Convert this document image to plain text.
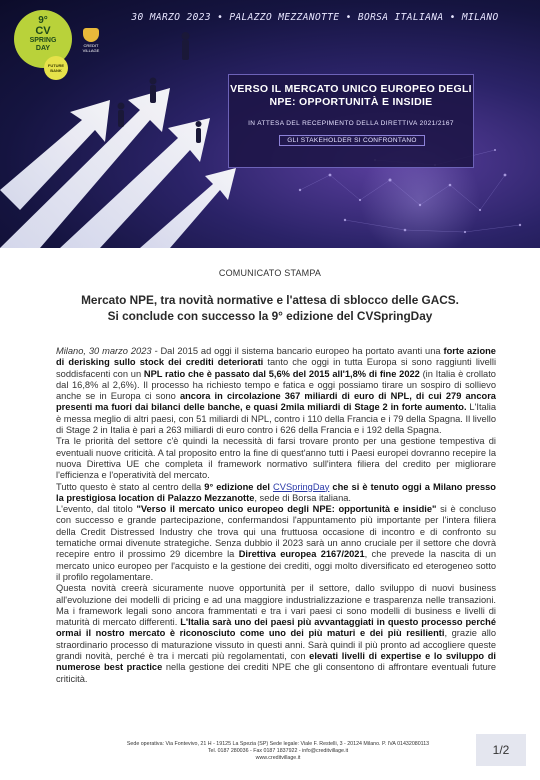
30 MARZO 2023 • PALAZZO MEZZANOTTE • BORSA ITALIANA • MILANO
9°
CV
SPRING
DAY	CREDIT VILLAGE
FUTURE BANK
VERSO IL MERCATO UNICO EUROPEO DEGLI NPE: OPPORTUNITÀ E INSIDIE
IN ATTESA DEL RECEPIMENTO DELLA DIRETTIVA 2021/2167
GLI STAKEHOLDER SI CONFRONTANO
COMUNICATO STAMPA
Mercato NPE, tra novità normative e l'attesa di sblocco delle GACS.
Si conclude con successo la 9° edizione del CVSpringDay

Milano, 30 marzo 2023 - Dal 2015 ad oggi il sistema bancario europeo ha portato avanti una forte azione di derisking sullo stock dei crediti deteriorati tanto che oggi in tutta Europa si sono raggiunti livelli soddisfacenti con un NPL ratio che è passato dal 5,6% del 2015 all'1,8% di fine 2022 (in Italia è crollato dal 16,8% al 2,6%). Il processo ha richiesto tempo e fatica e oggi possiamo tirare un sospiro di sollievo anche se in Europa ci sono ancora in circolazione 367 miliardi di euro di NPL, di cui 279 ancora presenti ma fuori dai bilanci delle banche, e quasi 2mila miliardi di Stage 2 in forte aumento. L'Italia è messa meglio di altri paesi, con 51 miliardi di NPL, contro i 110 della Francia e i 79 della Spagna. Il livello di Stage 2 in Italia è pari a 263 miliardi di euro contro i 626 della Francia e i 192 della Spagna.

Tra le priorità del settore c'è quindi la necessità di farsi trovare pronto per una gestione tempestiva di eventuali nuove criticità. A tal proposito entro la fine di quest'anno tutti i Paesi europei dovranno recepire la nuova Direttiva UE che completa il framework normativo sull'intera filiera del credito per migliorare l'efficienza e l'operatività del mercato.

Tutto questo è stato al centro della 9° edizione del CVSpringDay che si è tenuto oggi a Milano presso la prestigiosa location di Palazzo Mezzanotte, sede di Borsa italiana.

L'evento, dal titolo "Verso il mercato unico europeo degli NPE: opportunità e insidie" si è concluso con successo e grande partecipazione, confermandosi l'appuntamento più importante per l'intera filiera della Credit Distressed Industry che trova qui una fruttuosa occasione di incontro e di confronto su tematiche ormai divenute strategiche. Senza dubbio il 2023 sarà un anno cruciale per il settore che dovrà recepire entro il prossimo 29 dicembre la Direttiva europea 2167/2021, che prevede la nascita di un mercato unico europeo per l'acquisto e la gestione dei crediti, oggi molto diversificato ed eterogeneo sotto il profilo regolamentare.

Questa novità creerà sicuramente nuove opportunità per il settore, dallo sviluppo di nuovi business all'evoluzione dei modelli di pricing e ad una maggiore industrializzazione e trasparenza nelle transazioni. Ma i framework legali sono ancora frammentati e tra i vari paesi ci sono modelli di business e livelli di maturità di mercato differenti. L'Italia sarà uno dei paesi più avvantaggiati in questo processo perché ormai il nostro mercato è riconosciuto come uno dei più maturi e dei più resilienti, grazie allo straordinario processo di maturazione vissuto in questi anni. Sarà quindi il più pronto ad accogliere queste grandi novità, perché è tra i mercati più regolamentati, con elevati livelli di expertise e lo sviluppo di numerose best practice nella gestione dei crediti NPE che gli consentono di affrontare eventuali future criticità.

Sede operativa: Via Fontevivo, 21 H - 19125 La Spezia (SP) Sede legale: Viale F. Restelli, 3 - 20124 Milano. P. IVA 01432080113
Tel. 0187 280036 - Fax 0187 1837922 - info@creditvillage.it
www.creditvillage.it
1/2
